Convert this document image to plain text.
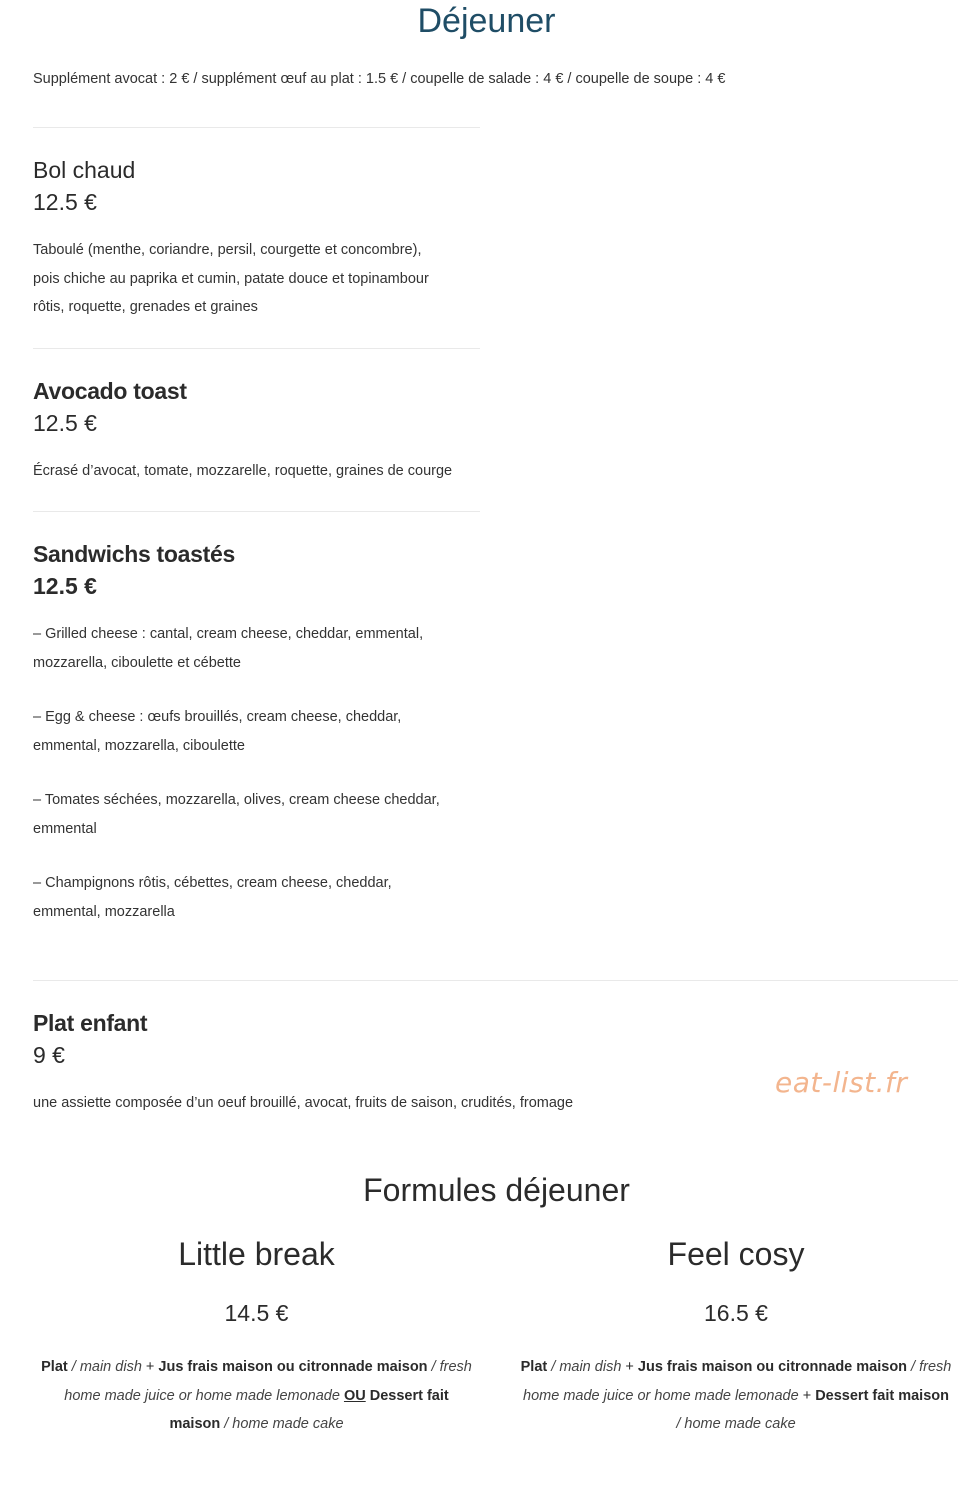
Déjeuner
Supplément avocat : 2 € / supplément œuf au plat : 1.5 € / coupelle de salade : 4 € / coupelle de soupe : 4 €

Bol chaud

12.5 €

Taboulé (menthe, coriandre, persil, courgette et concombre),
pois chiche au paprika et cumin, patate douce et topinambour
rôtis, roquette, grenades et graines

Avocado toast

12.5 €

Écrasé d’avocat, tomate, mozzarelle, roquette, graines de courge

Sandwichs toastés

12.5 €

– Grilled cheese : cantal, cream cheese, cheddar, emmental,
mozzarella, ciboulette et cébette
– Egg & cheese : œufs brouillés, cream cheese, cheddar,
emmental, mozzarella, ciboulette
– Tomates séchées, mozzarella, olives, cream cheese cheddar,
emmental
– Champignons rôtis, cébettes, cream cheese, cheddar,
emmental, mozzarella

Plat enfant

9 €

une assiette composée d’un oeuf brouillé, avocat, fruits de saison, crudités, fromage
eat-list.fr
Formules déjeuner
Little break
14.5 €
Plat / main dish + Jus frais maison ou citronnade maison / fresh
home made juice or home made lemonade OU Dessert fait
maison / home made cake
Feel cosy
16.5 €
Plat / main dish + Jus frais maison ou citronnade maison / fresh
home made juice or home made lemonade + Dessert fait maison
/ home made cake
